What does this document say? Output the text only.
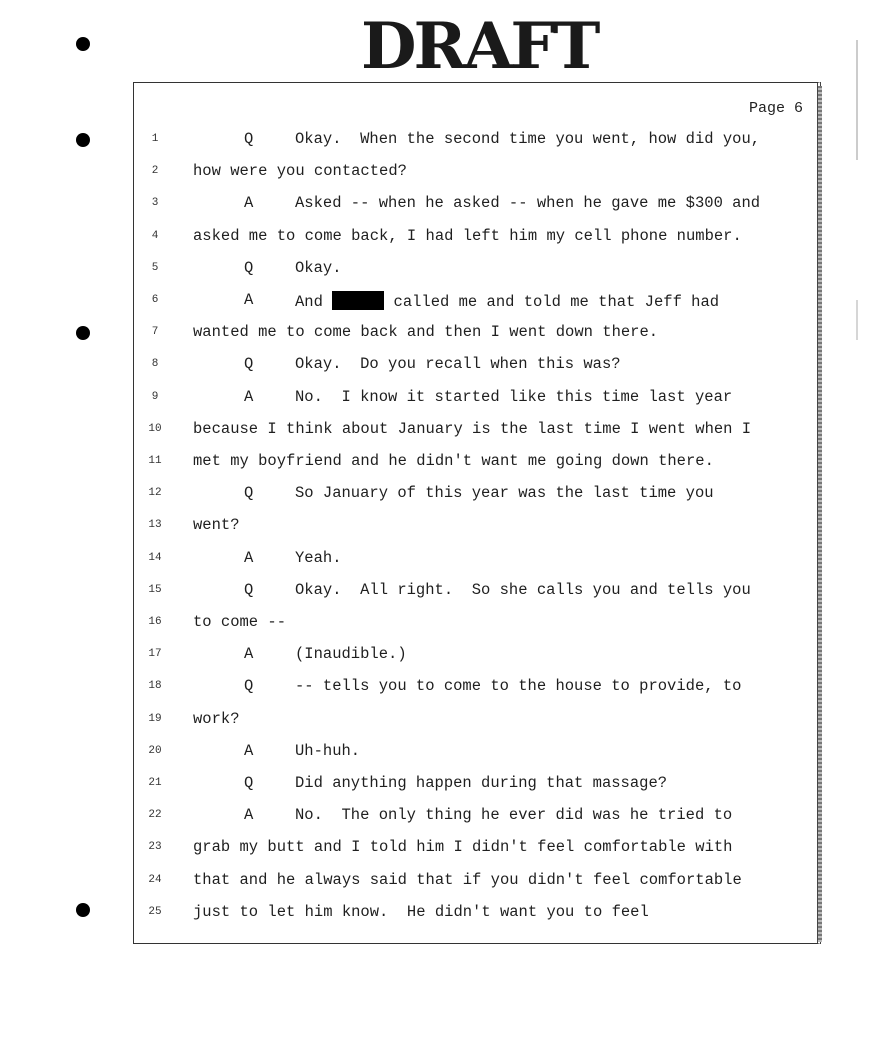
DRAFT
Page 6
1	Q	Okay.  When the second time you went, how did you,
2	how were you contacted?
3	A	Asked -- when he asked -- when he gave me $300 and
4	asked me to come back, I had left him my cell phone number.
5	Q	Okay.
6	A	And	called me and told me that Jeff had
7	wanted me to come back and then I went down there.
8	Q	Okay.  Do you recall when this was?
9	A	No.  I know it started like this time last year
10	because I think about January is the last time I went when I
11	met my boyfriend and he didn't want me going down there.
12	Q	So January of this year was the last time you
13	went?
14	A	Yeah.
15	Q	Okay.  All right.  So she calls you and tells you
16	to come --
17	A	(Inaudible.)
18	Q	-- tells you to come to the house to provide, to
19	work?
20	A	Uh-huh.
21	Q	Did anything happen during that massage?
22	A	No.  The only thing he ever did was he tried to
23	grab my butt and I told him I didn't feel comfortable with
24	that and he always said that if you didn't feel comfortable
25	just to let him know.  He didn't want you to feel
